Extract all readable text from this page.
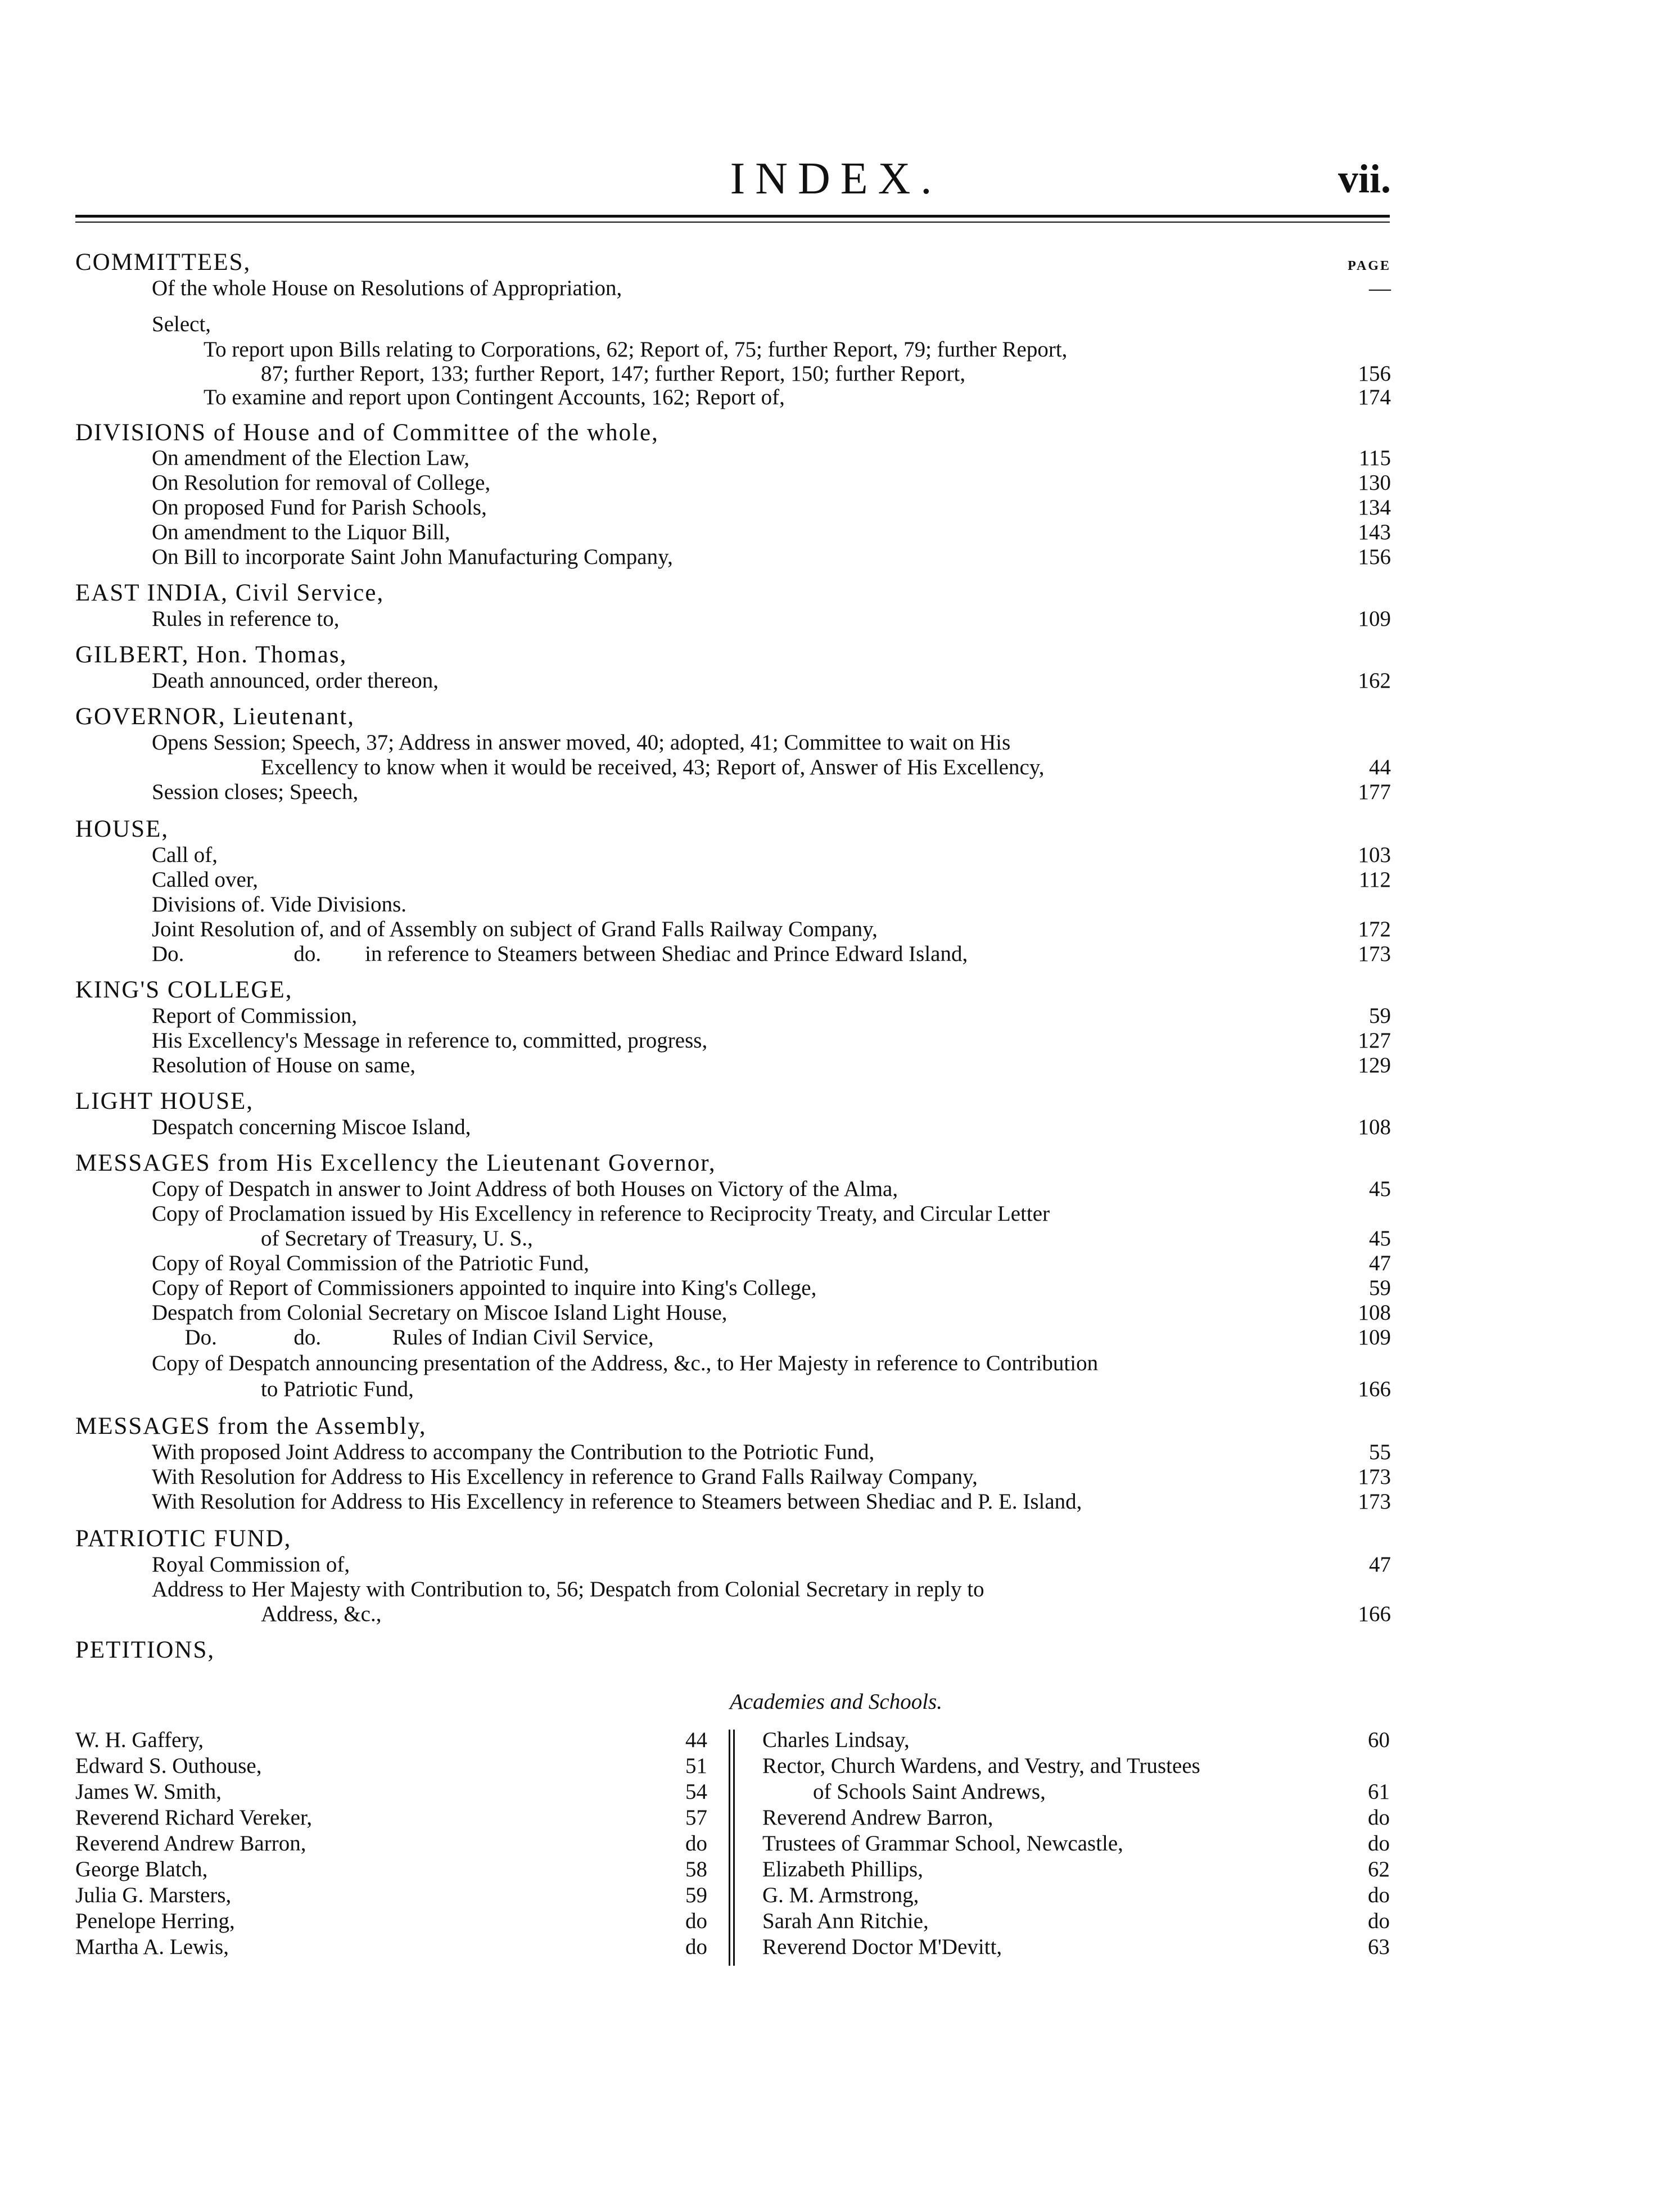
INDEX.	vii.
COMMITTEES,	PAGE
Of the whole House on Resolutions of Appropriation,	—
Select,
To report upon Bills relating to Corporations, 62; Report of, 75; further Report, 79; further Report,
87; further Report, 133; further Report, 147; further Report, 150; further Report,	156
To examine and report upon Contingent Accounts, 162; Report of,	174
DIVISIONS of House and of Committee of the whole,
On amendment of the Election Law,	115
On Resolution for removal of College,	130
On proposed Fund for Parish Schools,	134
On amendment to the Liquor Bill,	143
On Bill to incorporate Saint John Manufacturing Company,	156
EAST INDIA, Civil Service,
Rules in reference to,	109
GILBERT, Hon. Thomas,
Death announced, order thereon,	162
GOVERNOR, Lieutenant,
Opens Session; Speech, 37; Address in answer moved, 40; adopted, 41; Committee to wait on His
Excellency to know when it would be received, 43; Report of, Answer of His Excellency,	44
Session closes; Speech,	177
HOUSE,
Call of,	103
Called over,	112
Divisions of. Vide Divisions.
Joint Resolution of, and of Assembly on subject of Grand Falls Railway Company,	172
Do.                    do.        in reference to Steamers between Shediac and Prince Edward Island,	173
KING'S COLLEGE,
Report of Commission,	59
His Excellency's Message in reference to, committed, progress,	127
Resolution of House on same,	129
LIGHT HOUSE,
Despatch concerning Miscoe Island,	108
MESSAGES from His Excellency the Lieutenant Governor,
Copy of Despatch in answer to Joint Address of both Houses on Victory of the Alma,	45
Copy of Proclamation issued by His Excellency in reference to Reciprocity Treaty, and Circular Letter
of Secretary of Treasury, U. S.,	45
Copy of Royal Commission of the Patriotic Fund,	47
Copy of Report of Commissioners appointed to inquire into King's College,	59
Despatch from Colonial Secretary on Miscoe Island Light House,	108
Do.              do.             Rules of Indian Civil Service,	109
Copy of Despatch announcing presentation of the Address, &c., to Her Majesty in reference to Contribution
to Patriotic Fund,	166
MESSAGES from the Assembly,
With proposed Joint Address to accompany the Contribution to the Potriotic Fund,	55
With Resolution for Address to His Excellency in reference to Grand Falls Railway Company,	173
With Resolution for Address to His Excellency in reference to Steamers between Shediac and P. E. Island,	173
PATRIOTIC FUND,
Royal Commission of,	47
Address to Her Majesty with Contribution to, 56; Despatch from Colonial Secretary in reply to
Address, &c.,	166
PETITIONS,
Academies and Schools.
W. H. Gaffery,	44
Edward S. Outhouse,	51
James W. Smith,	54
Reverend Richard Vereker,	57
Reverend Andrew Barron,	do
George Blatch,	58
Julia G. Marsters,	59
Penelope Herring,	do
Martha A. Lewis,	do
Charles Lindsay,	60
Rector, Church Wardens, and Vestry, and Trustees
of Schools Saint Andrews,	61
Reverend Andrew Barron,	do
Trustees of Grammar School, Newcastle,	do
Elizabeth Phillips,	62
G. M. Armstrong,	do
Sarah Ann Ritchie,	do
Reverend Doctor M'Devitt,	63
